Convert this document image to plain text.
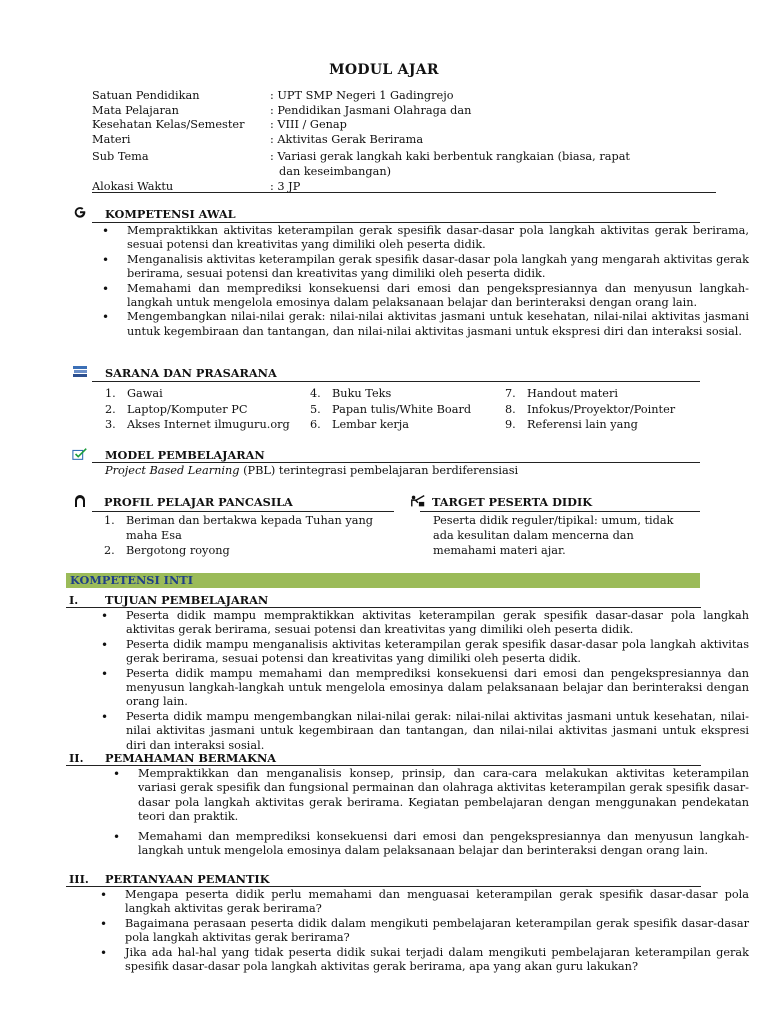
MODUL AJAR
Satuan Pendidikan	: UPT SMP Negeri 1 Gadingrejo
Mata Pelajaran	: Pendidikan Jasmani Olahraga dan
Kesehatan Kelas/Semester	: VIII / Genap
Materi	: Aktivitas Gerak Berirama
Sub Tema	: Variasi gerak langkah kaki berbentuk rangkaian (biasa, rapat
dan keseimbangan)
Alokasi Waktu	: 3 JP
KOMPETENSI AWAL
• Mempraktikkan aktivitas keterampilan gerak spesifik dasar-dasar pola langkah aktivitas gerak berirama, sesuai potensi dan kreativitas yang dimiliki oleh peserta didik.
• Menganalisis aktivitas keterampilan gerak spesifik dasar-dasar pola langkah yang mengarah aktivitas gerak berirama, sesuai potensi dan kreativitas yang dimiliki oleh peserta didik.
• Memahami dan memprediksi konsekuensi dari emosi dan pengekspresiannya dan menyusun langkah-langkah untuk mengelola emosinya dalam pelaksanaan belajar dan berinteraksi dengan orang lain.
• Mengembangkan nilai-nilai gerak: nilai-nilai aktivitas jasmani untuk kesehatan, nilai-nilai aktivitas jasmani untuk kegembiraan dan tantangan, dan nilai-nilai aktivitas jasmani untuk ekspresi diri dan interaksi sosial.
SARANA DAN PRASARANA
1. Gawai	4. Buku Teks	7. Handout materi
2. Laptop/Komputer PC	5. Papan tulis/White Board	8. Infokus/Proyektor/Pointer
3. Akses Internet ilmuguru.org	6. Lembar kerja	9. Referensi lain yang
MODEL PEMBELAJARAN
Project Based Learning (PBL) terintegrasi pembelajaran berdiferensiasi
PROFIL PELAJAR PANCASILA
1. Beriman dan bertakwa kepada Tuhan yang
maha Esa
2. Bergotong royong
TARGET PESERTA DIDIK
Peserta didik reguler/tipikal: umum, tidak
ada kesulitan dalam mencerna dan
memahami materi ajar.
KOMPETENSI INTI
I. TUJUAN PEMBELAJARAN
• Peserta didik mampu mempraktikkan aktivitas keterampilan gerak spesifik dasar-dasar pola langkah aktivitas gerak berirama, sesuai potensi dan kreativitas yang dimiliki oleh peserta didik.
• Peserta didik mampu menganalisis aktivitas keterampilan gerak spesifik dasar-dasar pola langkah aktivitas gerak berirama, sesuai potensi dan kreativitas yang dimiliki oleh peserta didik.
• Peserta didik mampu memahami dan memprediksi konsekuensi dari emosi dan pengekspresiannya dan menyusun langkah-langkah untuk mengelola emosinya dalam pelaksanaan belajar dan berinteraksi dengan orang lain.
• Peserta didik mampu mengembangkan nilai-nilai gerak: nilai-nilai aktivitas jasmani untuk kesehatan, nilai-nilai aktivitas jasmani untuk kegembiraan dan tantangan, dan nilai-nilai aktivitas jasmani untuk ekspresi diri dan interaksi sosial.
II. PEMAHAMAN BERMAKNA
• Mempraktikkan dan menganalisis konsep, prinsip, dan cara-cara melakukan aktivitas keterampilan variasi gerak spesifik dan fungsional permainan dan olahraga aktivitas keterampilan gerak spesifik dasar-dasar pola langkah aktivitas gerak berirama. Kegiatan pembelajaran dengan menggunakan pendekatan teori dan praktik.
• Memahami dan memprediksi konsekuensi dari emosi dan pengekspresiannya dan menyusun langkah-langkah untuk mengelola emosinya dalam pelaksanaan belajar dan berinteraksi dengan orang lain.
III. PERTANYAAN PEMANTIK
• Mengapa peserta didik perlu memahami dan menguasai keterampilan gerak spesifik dasar-dasar pola langkah aktivitas gerak berirama?
• Bagaimana perasaan peserta didik dalam mengikuti pembelajaran keterampilan gerak spesifik dasar-dasar pola langkah aktivitas gerak berirama?
• Jika ada hal-hal yang tidak peserta didik sukai terjadi dalam mengikuti pembelajaran keterampilan gerak spesifik dasar-dasar pola langkah aktivitas gerak berirama, apa yang akan guru lakukan?
